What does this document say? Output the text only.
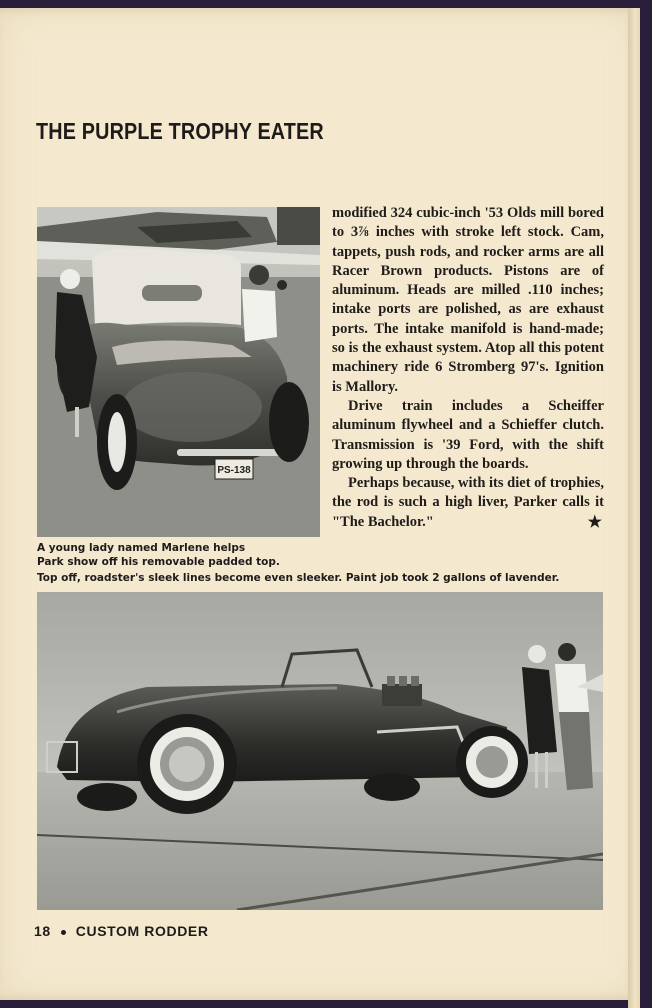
THE PURPLE TROPHY EATER
PS-138
A young lady named Marlene helps
Park show off his removable padded top.

modified 324 cubic-inch '53 Olds mill bored to 3⅞ inches with stroke left stock. Cam, tappets, push rods, and rocker arms are all Racer Brown products. Pistons are of aluminum. Heads are milled .110 inches; intake ports are polished, as are exhaust ports. The intake manifold is hand-made; so is the exhaust system. Atop all this potent machinery ride 6 Stromberg 97's. Ignition is Mallory.

Drive train includes a Scheiffer aluminum flywheel and a Schieffer clutch. Transmission is '39 Ford, with the shift growing up through the boards.

Perhaps because, with its diet of trophies, the rod is such a high liver, Parker calls it "The Bachelor."	★

Top off, roadster's sleek lines become even sleeker. Paint job took 2 gallons of lavender.
18 CUSTOM RODDER
